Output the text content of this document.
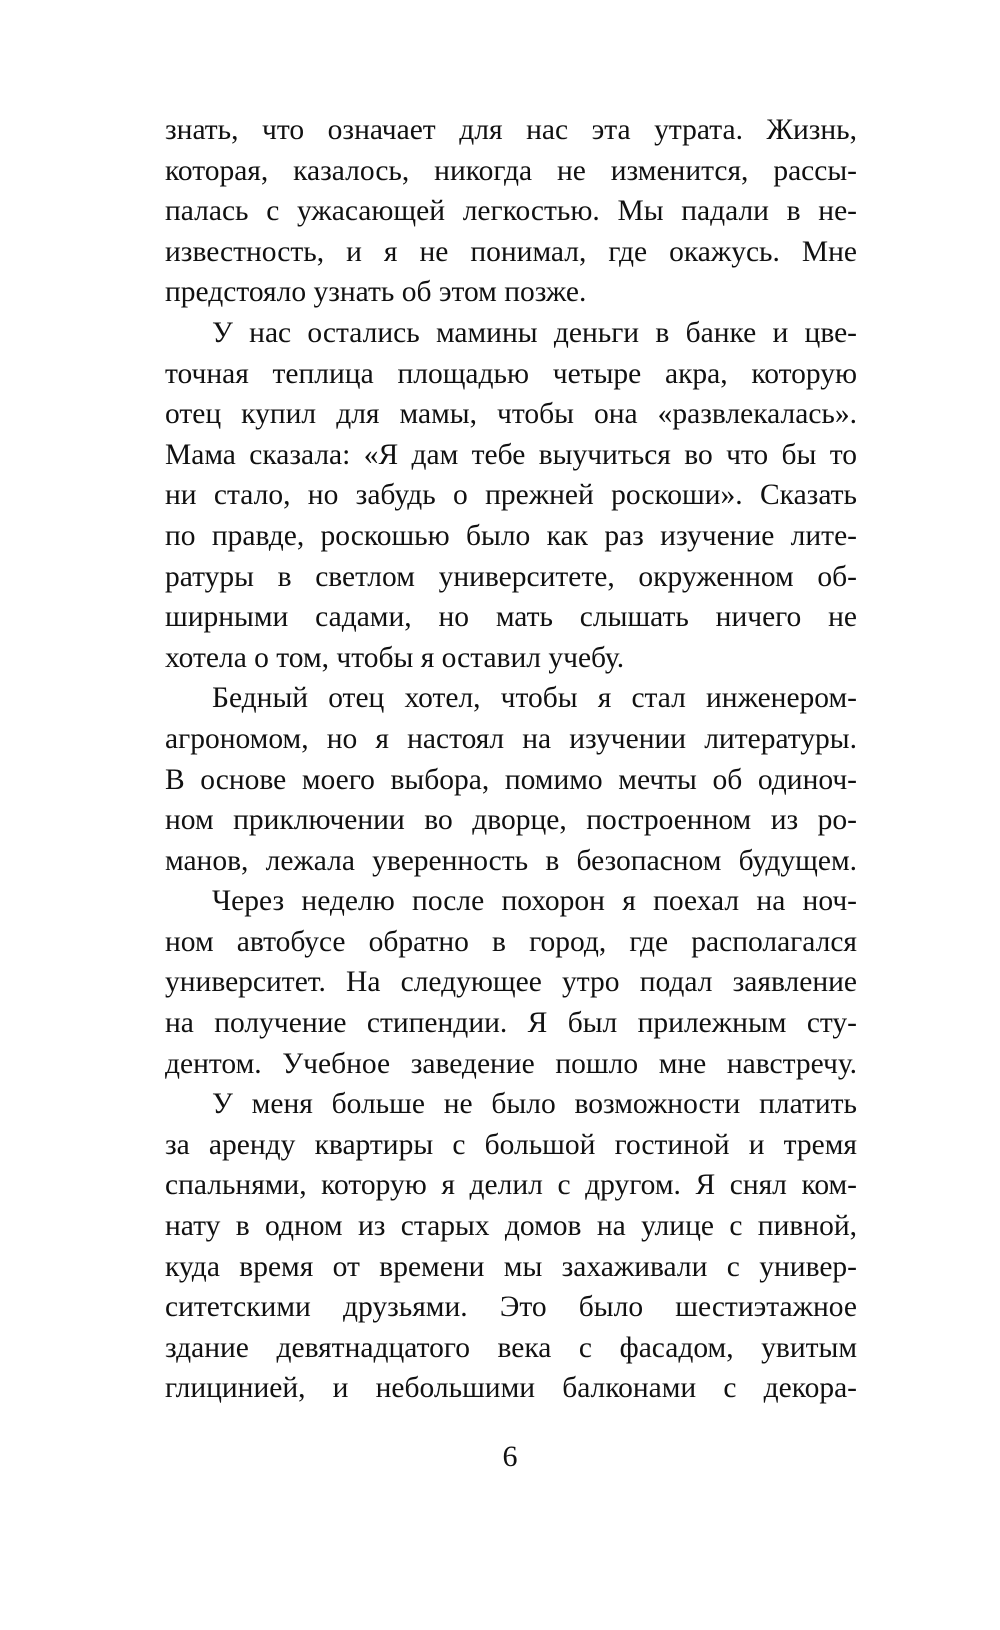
знать, что означает для нас эта утрата. Жизнь,
которая, казалось, никогда не изменится, рассы-
палась с ужасающей легкостью. Мы падали в не-
известность, и я не понимал, где окажусь. Мне
предстояло узнать об этом позже.
У нас остались мамины деньги в банке и цве-
точная теплица площадью четыре акра, которую
отец купил для мамы, чтобы она «развлекалась».
Мама сказала: «Я дам тебе выучиться во что бы то
ни стало, но забудь о прежней роскоши». Сказать
по правде, роскошью было как раз изучение лите-
ратуры в светлом университете, окруженном об-
ширными садами, но мать слышать ничего не
хотела о том, чтобы я оставил учебу.
Бедный отец хотел, чтобы я стал инженером-
агрономом, но я настоял на изучении литературы.
В основе моего выбора, помимо мечты об одиноч-
ном приключении во дворце, построенном из ро-
манов, лежала уверенность в безопасном будущем.
Через неделю после похорон я поехал на ноч-
ном автобусе обратно в город, где располагался
университет. На следующее утро подал заявление
на получение стипендии. Я был прилежным сту-
дентом. Учебное заведение пошло мне навстречу.
У меня больше не было возможности платить
за аренду квартиры с большой гостиной и тремя
спальнями, которую я делил с другом. Я снял ком-
нату в одном из старых домов на улице с пивной,
куда время от времени мы захаживали с универ-
ситетскими друзьями. Это было шестиэтажное
здание девятнадцатого века с фасадом, увитым
глицинией, и небольшими балконами с декора-
6
